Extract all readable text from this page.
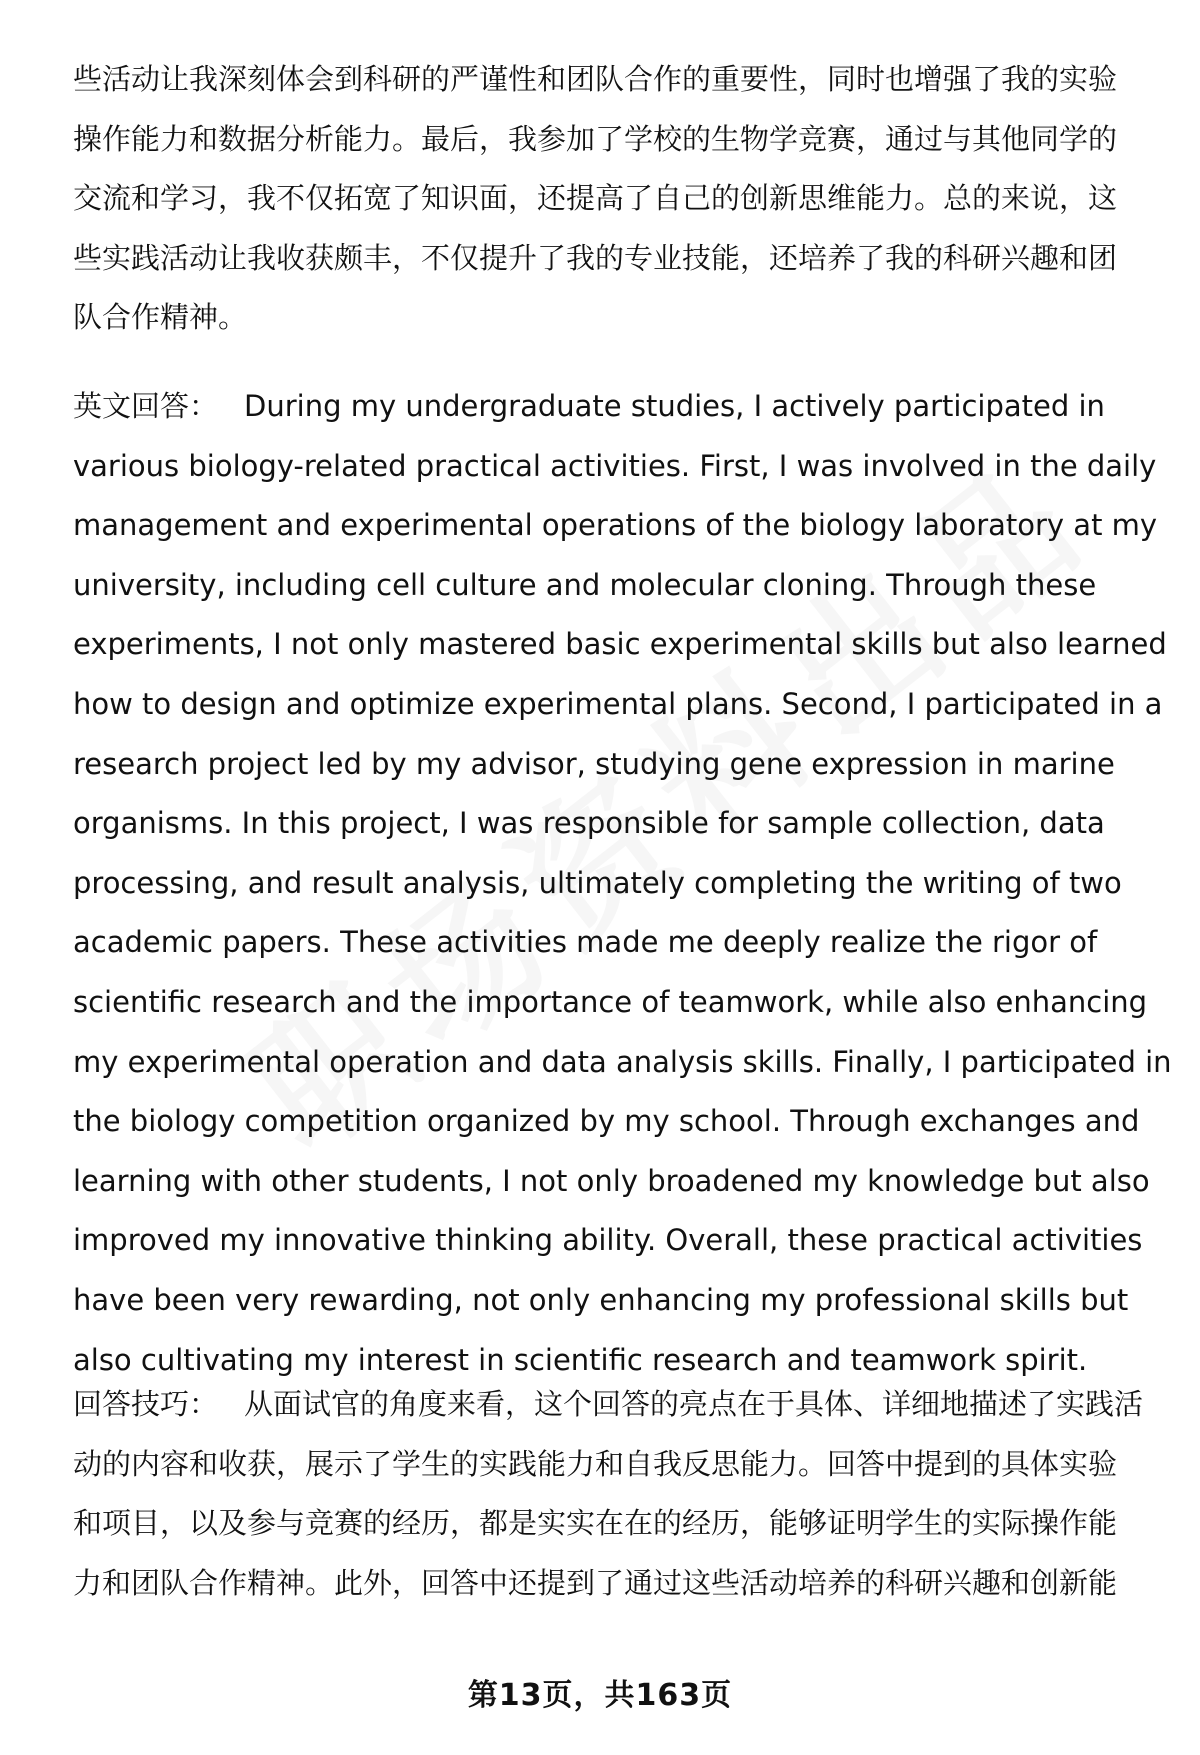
些活动让我深刻体会到科研的严谨性和团队合作的重要性，同时也增强了我的实验
操作能力和数据分析能力。最后，我参加了学校的生物学竞赛，通过与其他同学的
交流和学习，我不仅拓宽了知识面，还提高了自己的创新思维能力。总的来说，这
些实践活动让我收获颇丰，不仅提升了我的专业技能，还培养了我的科研兴趣和团
队合作精神。
英文回答： During my undergraduate studies, I actively participated in
various biology-related practical activities. First, I was involved in the daily
management and experimental operations of the biology laboratory at my
university, including cell culture and molecular cloning. Through these
experiments, I not only mastered basic experimental skills but also learned
how to design and optimize experimental plans. Second, I participated in a
research project led by my advisor, studying gene expression in marine
organisms. In this project, I was responsible for sample collection, data
processing, and result analysis, ultimately completing the writing of two
academic papers. These activities made me deeply realize the rigor of
scientific research and the importance of teamwork, while also enhancing
my experimental operation and data analysis skills. Finally, I participated in
the biology competition organized by my school. Through exchanges and
learning with other students, I not only broadened my knowledge but also
improved my innovative thinking ability. Overall, these practical activities
have been very rewarding, not only enhancing my professional skills but
also cultivating my interest in scientific research and teamwork spirit.
回答技巧： 从面试官的角度来看，这个回答的亮点在于具体、详细地描述了实践活
动的内容和收获，展示了学生的实践能力和自我反思能力。回答中提到的具体实验
和项目，以及参与竞赛的经历，都是实实在在的经历，能够证明学生的实际操作能
力和团队合作精神。此外，回答中还提到了通过这些活动培养的科研兴趣和创新能
第13页，共163页
